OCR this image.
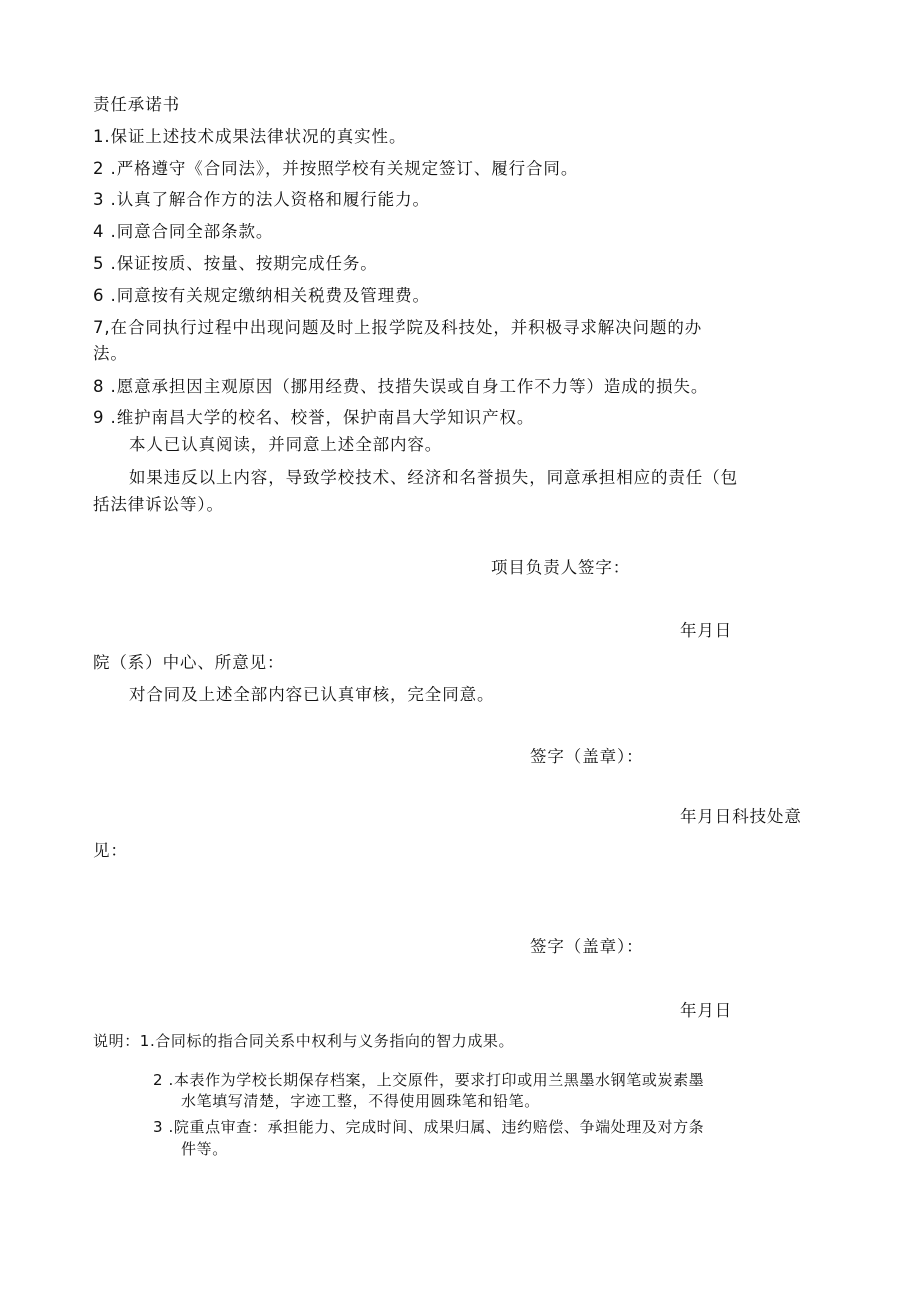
责任承诺书
1.保证上述技术成果法律状况的真实性。
2 .严格遵守《合同法》，并按照学校有关规定签订、履行合同。
3 .认真了解合作方的法人资格和履行能力。
4 .同意合同全部条款。
5 .保证按质、按量、按期完成任务。
6 .同意按有关规定缴纳相关税费及管理费。
7,在合同执行过程中出现问题及时上报学院及科技处，并积极寻求解决问题的办
法。
8 .愿意承担因主观原因（挪用经费、技措失误或自身工作不力等）造成的损失。
9 .维护南昌大学的校名、校誉，保护南昌大学知识产权。
本人已认真阅读，并同意上述全部内容。
如果违反以上内容，导致学校技术、经济和名誉损失，同意承担相应的责任（包
括法律诉讼等）。
项目负责人签字：
年月日
院（系）中心、所意见：
对合同及上述全部内容已认真审核，完全同意。
签字（盖章）：
年月日科技处意
见：
签字（盖章）：
年月日
说明：1.合同标的指合同关系中权利与义务指向的智力成果。
2 .本表作为学校长期保存档案，上交原件，要求打印或用兰黑墨水钢笔或炭素墨
水笔填写清楚，字迹工整，不得使用圆珠笔和铅笔。
3 .院重点审查：承担能力、完成时间、成果归属、违约赔偿、争端处理及对方条
件等。
